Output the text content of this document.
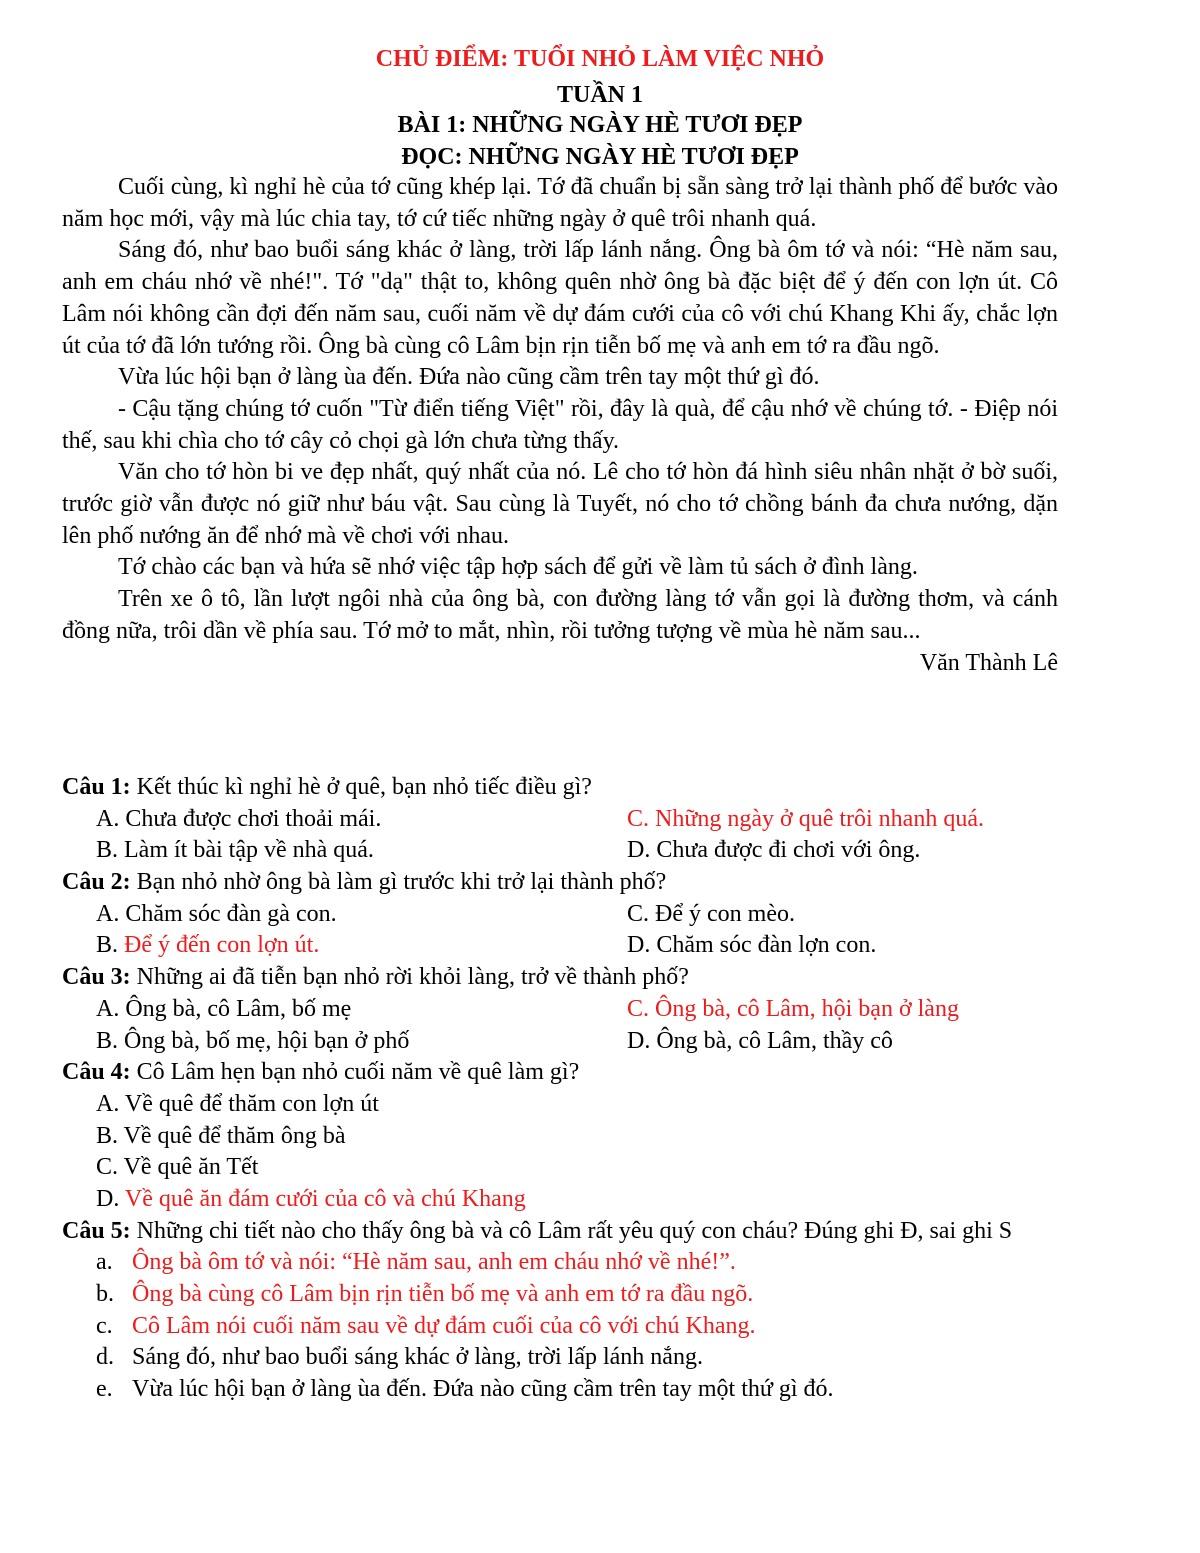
CHỦ ĐIỂM: TUỔI NHỎ LÀM VIỆC NHỎ
TUẦN 1
BÀI 1: NHỮNG NGÀY HÈ TƯƠI ĐẸP
ĐỌC: NHỮNG NGÀY HÈ TƯƠI ĐẸP

Cuối cùng, kì nghỉ hè của tớ cũng khép lại. Tớ đã chuẩn bị sẵn sàng trở lại thành phố để bước vào năm học mới, vậy mà lúc chia tay, tớ cứ tiếc những ngày ở quê trôi nhanh quá.

Sáng đó, như bao buổi sáng khác ở làng, trời lấp lánh nắng. Ông bà ôm tớ và nói: “Hè năm sau, anh em cháu nhớ về nhé!". Tớ "dạ" thật to, không quên nhờ ông bà đặc biệt để ý đến con lợn út. Cô Lâm nói không cần đợi đến năm sau, cuối năm về dự đám cưới của cô với chú Khang Khi ấy, chắc lợn út của tớ đã lớn tướng rồi. Ông bà cùng cô Lâm bịn rịn tiễn bố mẹ và anh em tớ ra đầu ngõ.

Vừa lúc hội bạn ở làng ùa đến. Đứa nào cũng cầm trên tay một thứ gì đó.

- Cậu tặng chúng tớ cuốn "Từ điển tiếng Việt" rồi, đây là quà, để cậu nhớ về chúng tớ. - Điệp nói thế, sau khi chìa cho tớ cây cỏ chọi gà lớn chưa từng thấy.

Văn cho tớ hòn bi ve đẹp nhất, quý nhất của nó. Lê cho tớ hòn đá hình siêu nhân nhặt ở bờ suối, trước giờ vẫn được nó giữ như báu vật. Sau cùng là Tuyết, nó cho tớ chồng bánh đa chưa nướng, dặn lên phố nướng ăn để nhớ mà về chơi với nhau.

Tớ chào các bạn và hứa sẽ nhớ việc tập hợp sách để gửi về làm tủ sách ở đình làng.

Trên xe ô tô, lần lượt ngôi nhà của ông bà, con đường làng tớ vẫn gọi là đường thơm, và cánh đồng nữa, trôi dần về phía sau. Tớ mở to mắt, nhìn, rồi tưởng tượng về mùa hè năm sau...

Văn Thành Lê
Câu 1: Kết thúc kì nghỉ hè ở quê, bạn nhỏ tiếc điều gì?
A. Chưa được chơi thoải mái.	C. Những ngày ở quê trôi nhanh quá.
B. Làm ít bài tập về nhà quá.	D. Chưa được đi chơi với ông.
Câu 2: Bạn nhỏ nhờ ông bà làm gì trước khi trở lại thành phố?
A. Chăm sóc đàn gà con.	C. Để ý con mèo.
B. Để ý đến con lợn út.	D. Chăm sóc đàn lợn con.
Câu 3: Những ai đã tiễn bạn nhỏ rời khỏi làng, trở về thành phố?
A. Ông bà, cô Lâm, bố mẹ	C. Ông bà, cô Lâm, hội bạn ở làng
B. Ông bà, bố mẹ, hội bạn ở phố	D. Ông bà, cô Lâm, thầy cô
Câu 4: Cô Lâm hẹn bạn nhỏ cuối năm về quê làm gì?
A. Về quê để thăm con lợn út
B. Về quê để thăm ông bà
C. Về quê ăn Tết
D. Về quê ăn đám cưới của cô và chú Khang
Câu 5: Những chi tiết nào cho thấy ông bà và cô Lâm rất yêu quý con cháu? Đúng ghi Đ, sai ghi S
a. Ông bà ôm tớ và nói: “Hè năm sau, anh em cháu nhớ về nhé!”.
b. Ông bà cùng cô Lâm bịn rịn tiễn bố mẹ và anh em tớ ra đầu ngõ.
c. Cô Lâm nói cuối năm sau về dự đám cuối của cô với chú Khang.
d. Sáng đó, như bao buổi sáng khác ở làng, trời lấp lánh nắng.
e. Vừa lúc hội bạn ở làng ùa đến. Đứa nào cũng cầm trên tay một thứ gì đó.
